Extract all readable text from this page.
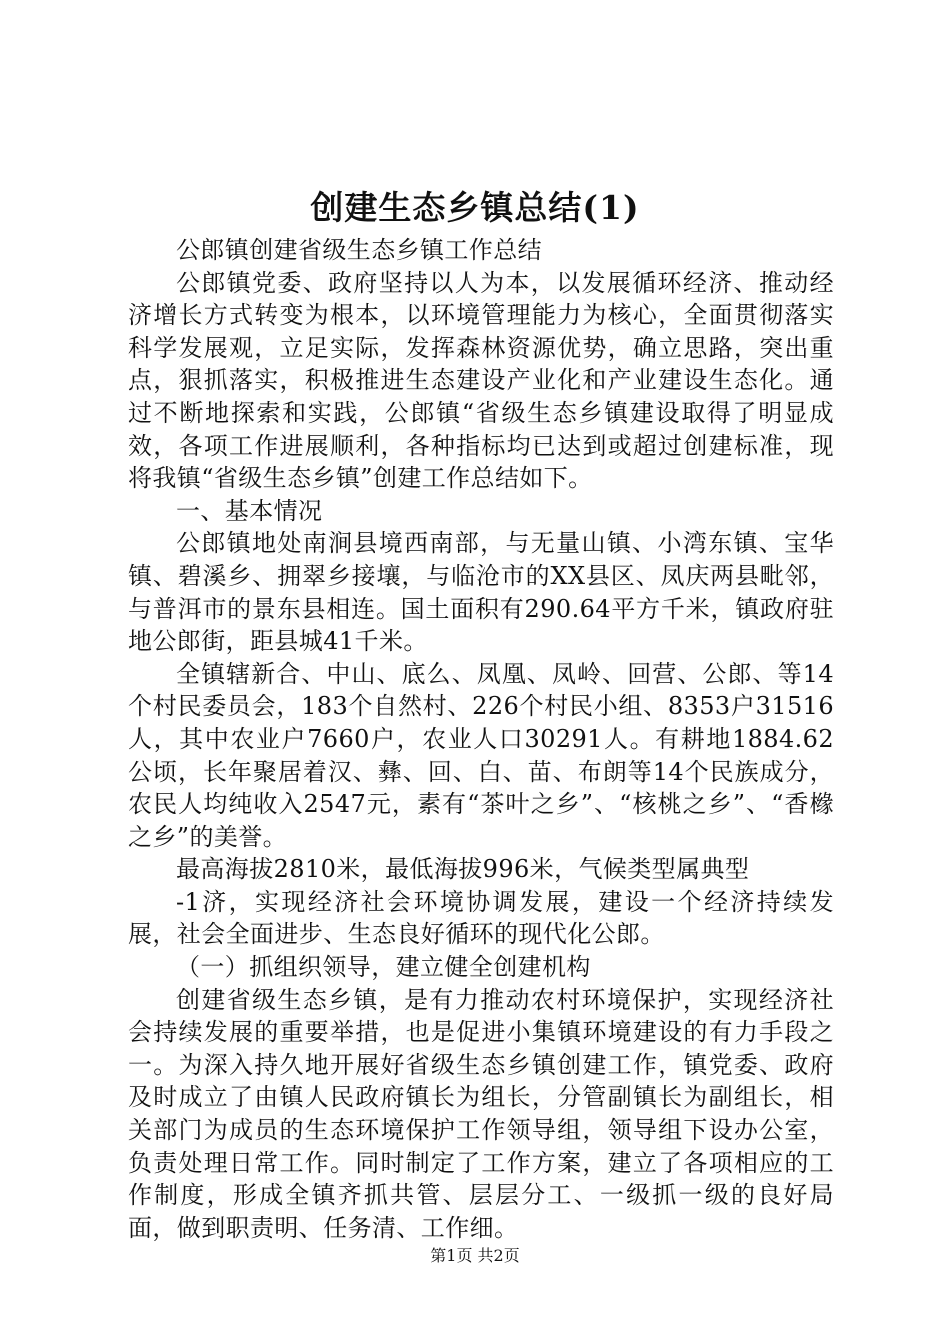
创建生态乡镇总结(1)

公郎镇创建省级生态乡镇工作总结

公郎镇党委、政府坚持以人为本，以发展循环经济、推动经济增长方式转变为根本，以环境管理能力为核心，全面贯彻落实科学发展观，立足实际，发挥森林资源优势，确立思路，突出重点，狠抓落实，积极推进生态建设产业化和产业建设生态化。通过不断地探索和实践，公郎镇“省级生态乡镇建设取得了明显成效，各项工作进展顺利，各种指标均已达到或超过创建标准，现将我镇“省级生态乡镇”创建工作总结如下。

一、基本情况

公郎镇地处南涧县境西南部，与无量山镇、小湾东镇、宝华镇、碧溪乡、拥翠乡接壤，与临沧市的XX县区、凤庆两县毗邻，与普洱市的景东县相连。国土面积有290.64平方千米，镇政府驻地公郎街，距县城41千米。

全镇辖新合、中山、底么、凤凰、凤岭、回营、公郎、等14个村民委员会，183个自然村、226个村民小组、8353户31516人，其中农业户7660户，农业人口30291人。有耕地1884.62公顷，长年聚居着汉、彝、回、白、苗、布朗等14个民族成分，农民人均纯收入2547元，素有“茶叶之乡”、“核桃之乡”、“香橼之乡”的美誉。

最高海拔2810米，最低海拔996米，气候类型属典型

-1济，实现经济社会环境协调发展，建设一个经济持续发展，社会全面进步、生态良好循环的现代化公郎。

（一）抓组织领导，建立健全创建机构

创建省级生态乡镇，是有力推动农村环境保护，实现经济社会持续发展的重要举措，也是促进小集镇环境建设的有力手段之一。为深入持久地开展好省级生态乡镇创建工作，镇党委、政府及时成立了由镇人民政府镇长为组长，分管副镇长为副组长，相关部门为成员的生态环境保护工作领导组，领导组下设办公室，负责处理日常工作。同时制定了工作方案，建立了各项相应的工作制度，形成全镇齐抓共管、层层分工、一级抓一级的良好局面，做到职责明、任务清、工作细。

第1页 共2页
